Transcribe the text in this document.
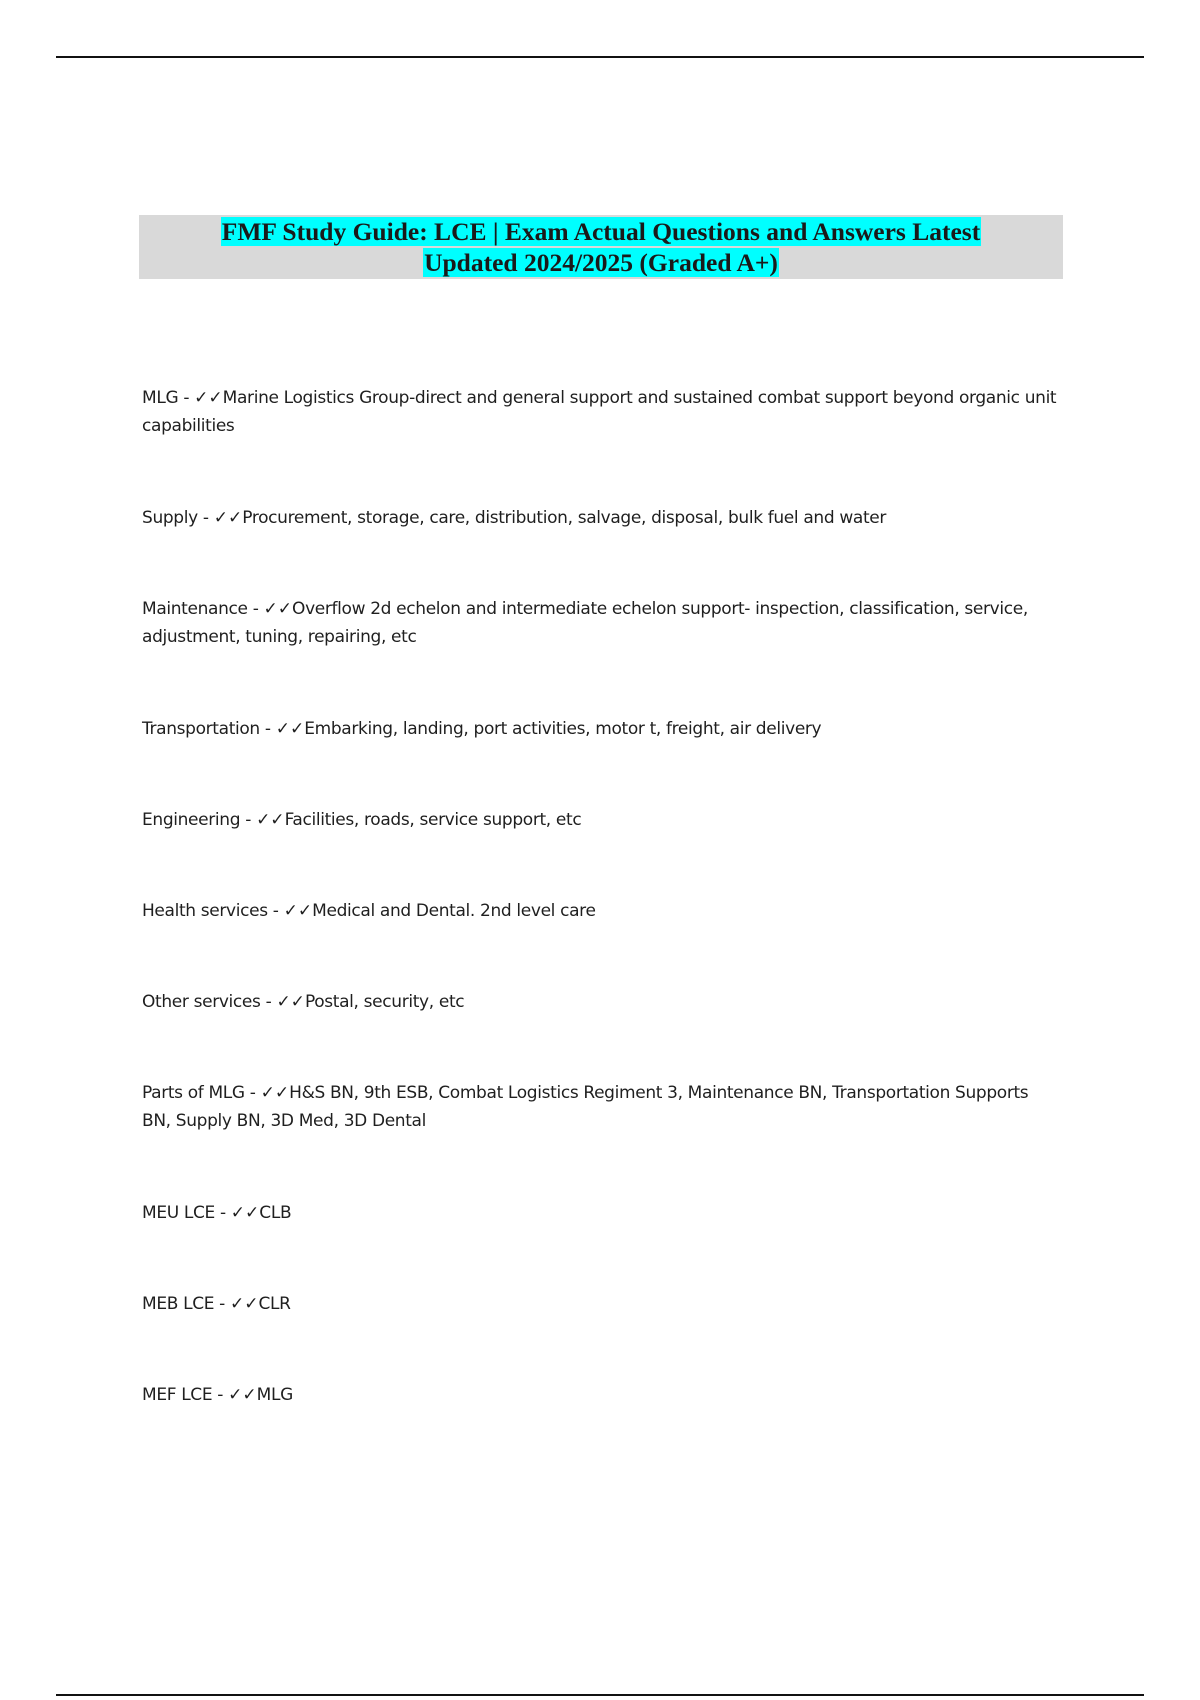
FMF Study Guide: LCE | Exam Actual Questions and Answers Latest
Updated 2024/2025 (Graded A+)

MLG - ✓✓Marine Logistics Group-direct and general support and sustained combat support beyond organic unit capabilities

Supply - ✓✓Procurement, storage, care, distribution, salvage, disposal, bulk fuel and water

Maintenance - ✓✓Overflow 2d echelon and intermediate echelon support- inspection, classification, service, adjustment, tuning, repairing, etc

Transportation - ✓✓Embarking, landing, port activities, motor t, freight, air delivery

Engineering - ✓✓Facilities, roads, service support, etc

Health services - ✓✓Medical and Dental. 2nd level care

Other services - ✓✓Postal, security, etc

Parts of MLG - ✓✓H&S BN, 9th ESB, Combat Logistics Regiment 3, Maintenance BN, Transportation Supports BN, Supply BN, 3D Med, 3D Dental

MEU LCE - ✓✓CLB

MEB LCE - ✓✓CLR

MEF LCE - ✓✓MLG
